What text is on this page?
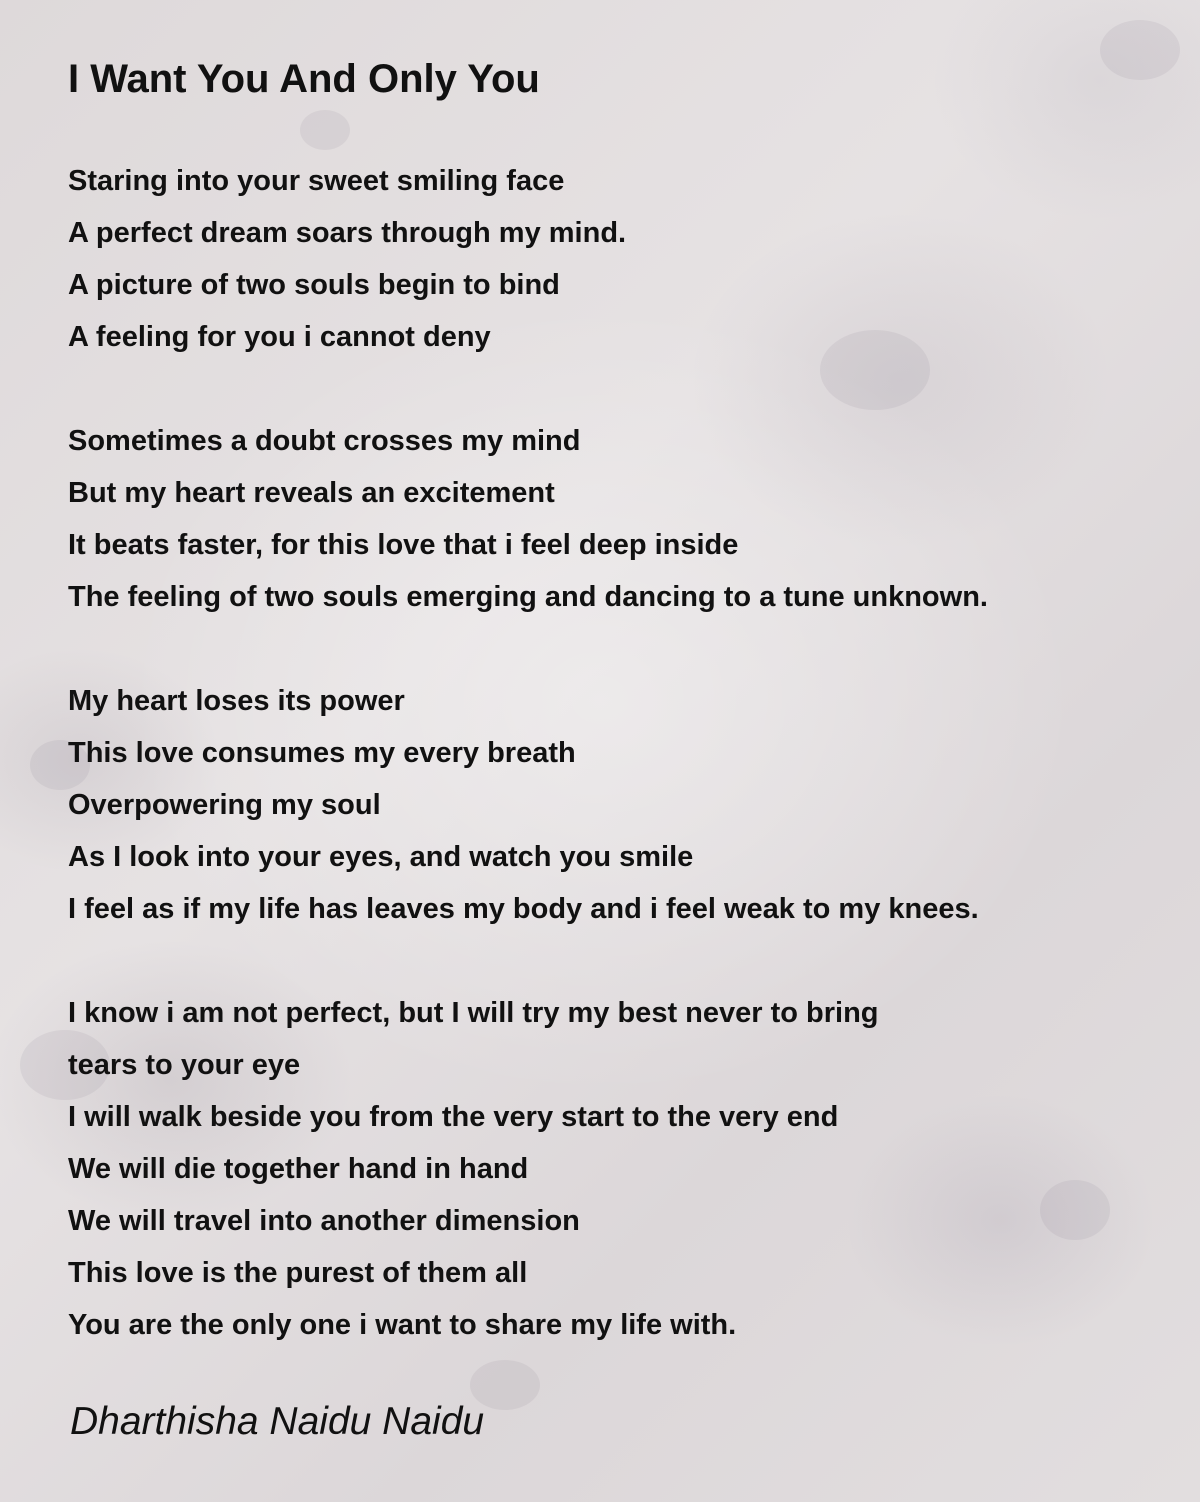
I Want You And Only You
Staring into your sweet smiling face
A perfect dream soars through my mind.
A picture of two souls begin to bind
A feeling for you i cannot deny
Sometimes a doubt crosses my mind
But my heart reveals an excitement
It beats faster, for this love that i feel deep inside
The feeling of two souls emerging and dancing to a tune unknown.
My heart loses its power
This love consumes my every breath
Overpowering my soul
As I look into your eyes, and watch you smile
I feel as if my life has leaves my body and i feel weak to my knees.
I know i am not perfect, but I will try my best never to bring
tears to your eye
I will walk beside you from the very start to the very end
We will die together hand in hand
We will travel into another dimension
This love is the purest of them all
You are the only one i want to share my life with.
Dharthisha Naidu Naidu
